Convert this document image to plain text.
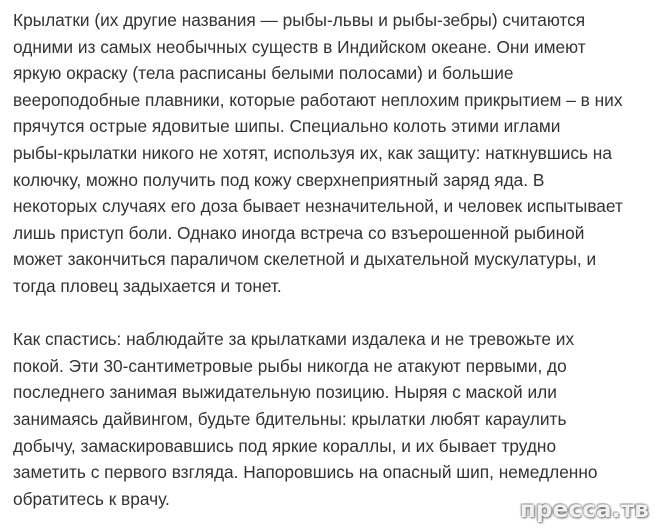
Крылатки (их другие названия — рыбы-львы и рыбы-зебры) считаются
одними из самых необычных существ в Индийском океане. Они имеют
яркую окраску (тела расписаны белыми полосами) и большие
веероподобные плавники, которые работают неплохим прикрытием – в них
прячутся острые ядовитые шипы. Специально колоть этими иглами
рыбы-крылатки никого не хотят, используя их, как защиту: наткнувшись на
колючку, можно получить под кожу сверхнеприятный заряд яда. В
некоторых случаях его доза бывает незначительной, и человек испытывает
лишь приступ боли. Однако иногда встреча со взъерошенной рыбиной
может закончиться параличом скелетной и дыхательной мускулатуры, и
тогда пловец задыхается и тонет.

Как спастись: наблюдайте за крылатками издалека и не тревожьте их
покой. Эти 30-сантиметровые рыбы никогда не атакуют первыми, до
последнего занимая выжидательную позицию. Ныряя с маской или
занимаясь дайвингом, будьте бдительны: крылатки любят караулить
добычу, замаскировавшись под яркие кораллы, и их бывает трудно
заметить с первого взгляда. Напоровшись на опасный шип, немедленно
обратитесь к врачу.	пресса.тв
